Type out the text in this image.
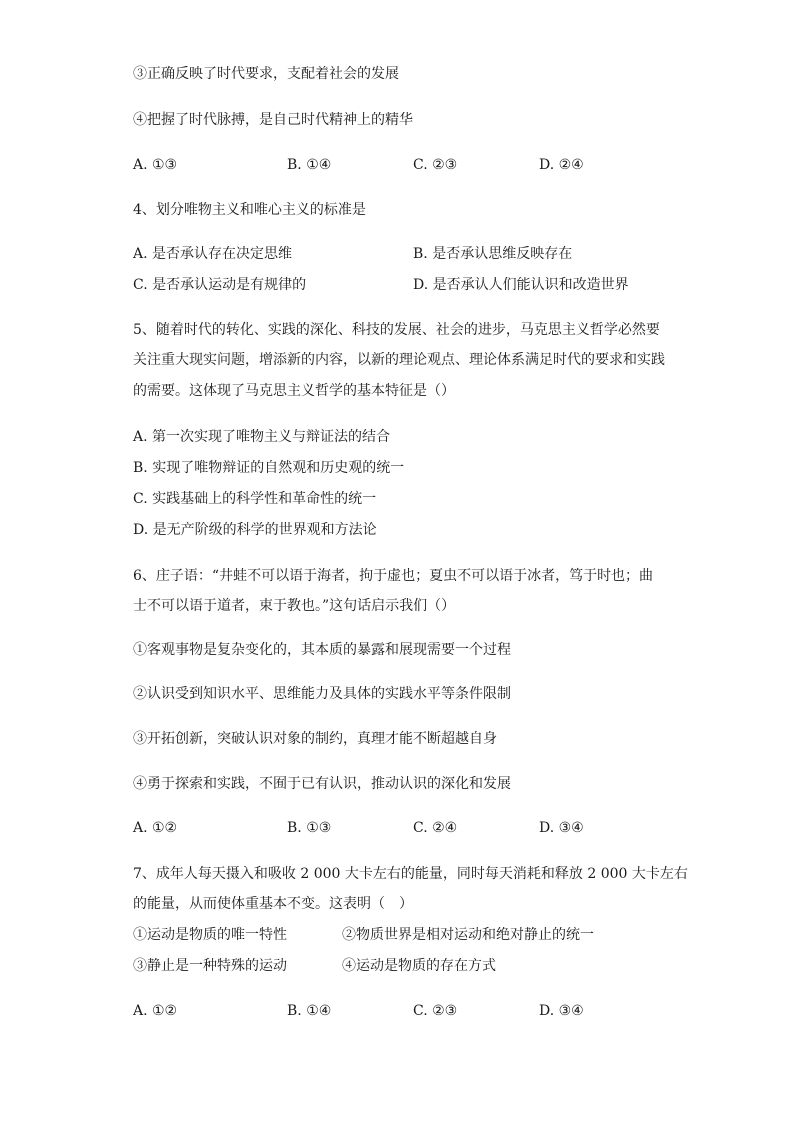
③正确反映了时代要求，支配着社会的发展
④把握了时代脉搏，是自己时代精神上的精华
A. ①③	B. ①④	C. ②③	D. ②④
4、划分唯物主义和唯心主义的标准是
A. 是否承认存在决定思维	B. 是否承认思维反映存在
C. 是否承认运动是有规律的	D. 是否承认人们能认识和改造世界
5、随着时代的转化、实践的深化、科技的发展、社会的进步，马克思主义哲学必然要
关注重大现实问题，增添新的内容，以新的理论观点、理论体系满足时代的要求和实践
的需要。这体现了马克思主义哲学的基本特征是（）
A. 第一次实现了唯物主义与辩证法的结合
B. 实现了唯物辩证的自然观和历史观的统一
C. 实践基础上的科学性和革命性的统一
D. 是无产阶级的科学的世界观和方法论
6、庄子语：“井蛙不可以语于海者，拘于虚也；夏虫不可以语于冰者，笃于时也；曲
士不可以语于道者，束于教也。”这句话启示我们（）
①客观事物是复杂变化的，其本质的暴露和展现需要一个过程
②认识受到知识水平、思维能力及具体的实践水平等条件限制
③开拓创新，突破认识对象的制约，真理才能不断超越自身
④勇于探索和实践，不囿于已有认识，推动认识的深化和发展
A. ①②	B. ①③	C. ②④	D. ③④
7、成年人每天摄入和吸收 2 000 大卡左右的能量，同时每天消耗和释放 2 000 大卡左右
的能量，从而使体重基本不变。这表明（　）
①运动是物质的唯一特性	②物质世界是相对运动和绝对静止的统一
③静止是一种特殊的运动	④运动是物质的存在方式
A. ①②	B. ①④	C. ②③	D. ③④
